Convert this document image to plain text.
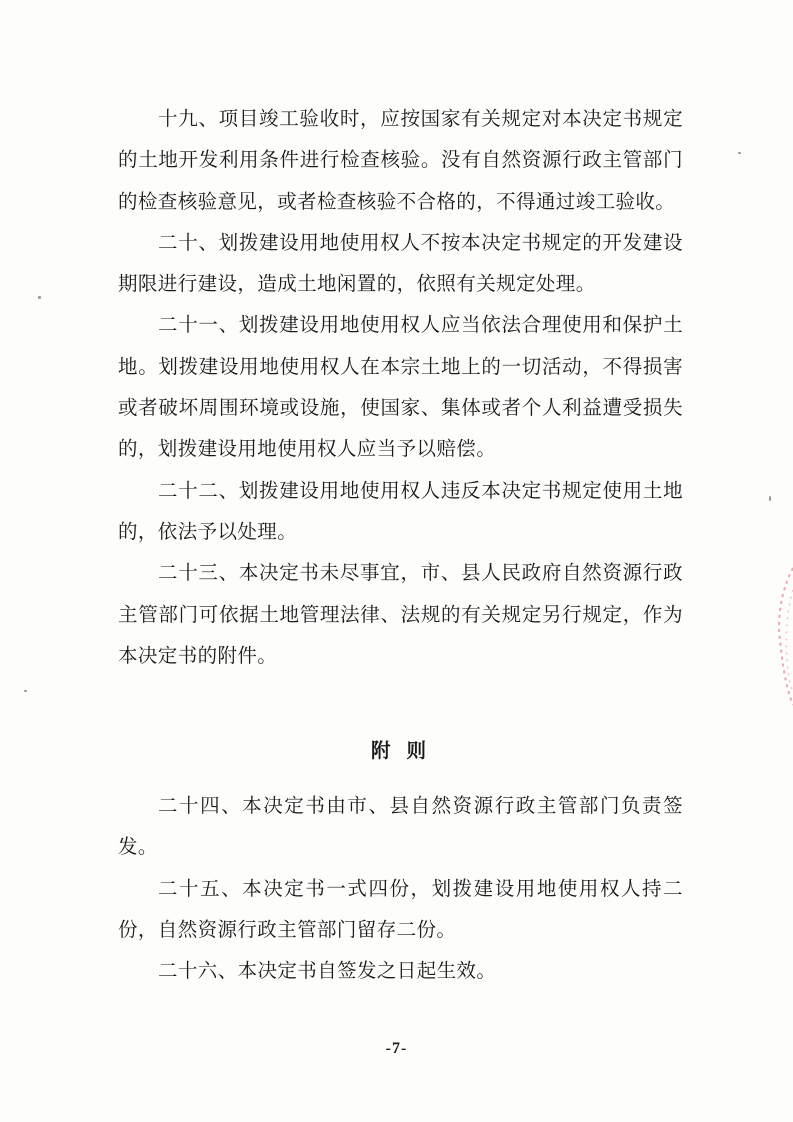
十九、项目竣工验收时，应按国家有关规定对本决定书规定的土地开发利用条件进行检查核验。没有自然资源行政主管部门的检查核验意见，或者检查核验不合格的，不得通过竣工验收。

二十、划拨建设用地使用权人不按本决定书规定的开发建设期限进行建设，造成土地闲置的，依照有关规定处理。

二十一、划拨建设用地使用权人应当依法合理使用和保护土地。划拨建设用地使用权人在本宗土地上的一切活动，不得损害或者破坏周围环境或设施，使国家、集体或者个人利益遭受损失的，划拨建设用地使用权人应当予以赔偿。

二十二、划拨建设用地使用权人违反本决定书规定使用土地的，依法予以处理。

二十三、本决定书未尽事宜，市、县人民政府自然资源行政主管部门可依据土地管理法律、法规的有关规定另行规定，作为本决定书的附件。

附则

二十四、本决定书由市、县自然资源行政主管部门负责签发。

二十五、本决定书一式四份，划拨建设用地使用权人持二份，自然资源行政主管部门留存二份。

二十六、本决定书自签发之日起生效。

-7-
